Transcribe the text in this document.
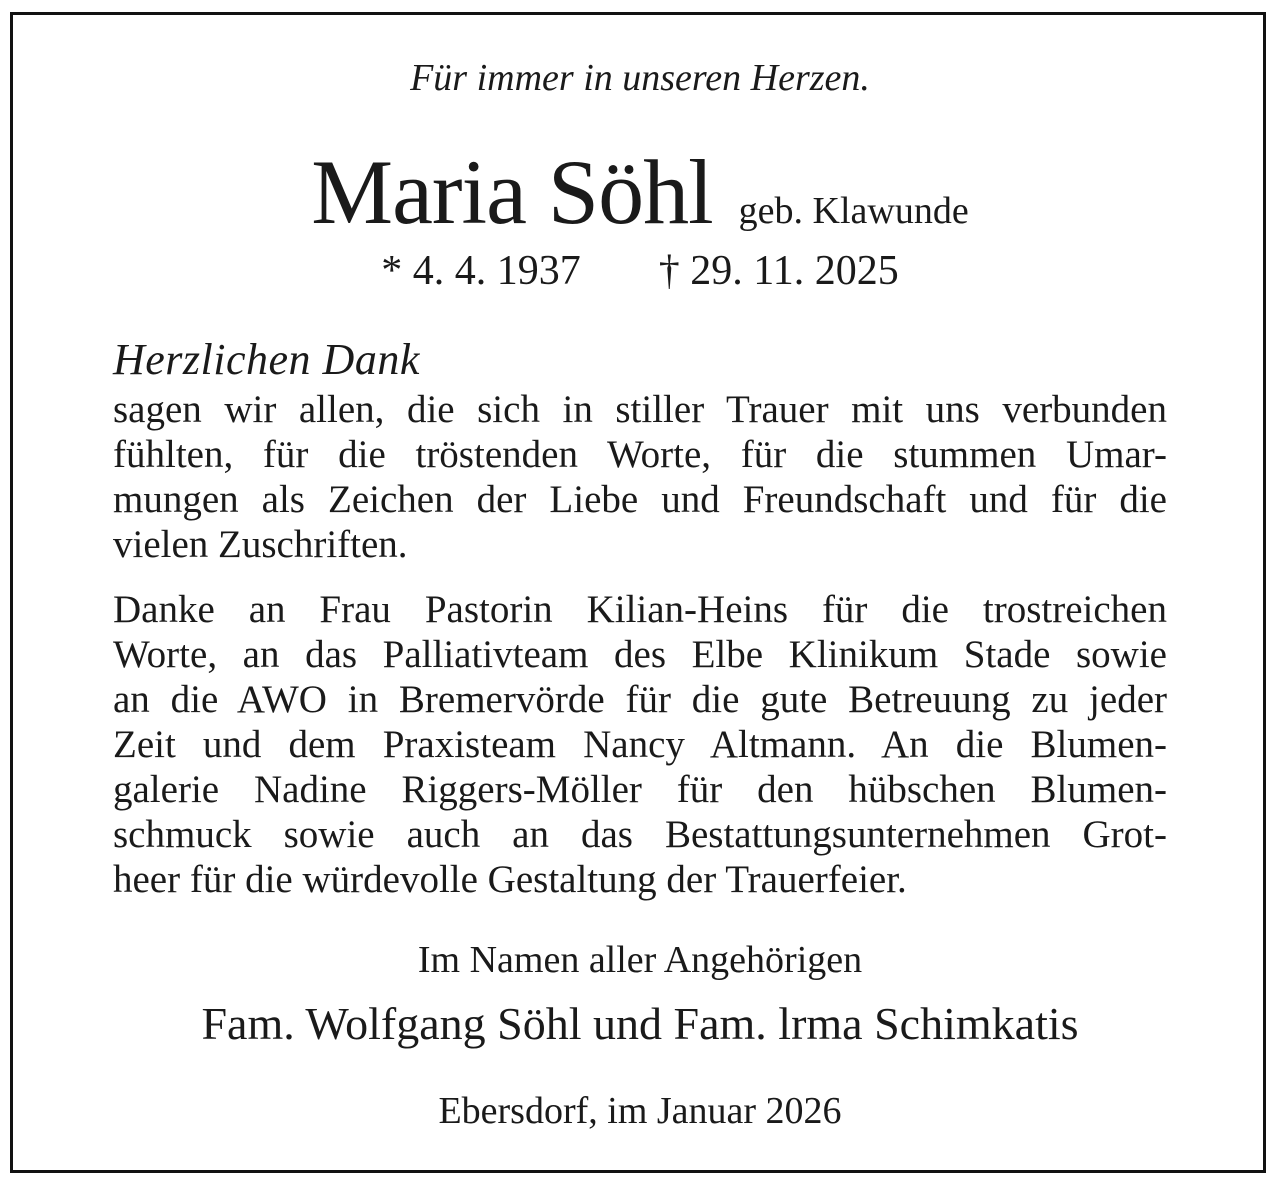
Für immer in unseren Herzen.
Maria Söhl geb. Klawunde
* 4. 4. 1937 † 29. 11. 2025
Herzlichen Dank
sagen wir allen, die sich in stiller Trauer mit uns verbunden
fühlten, für die tröstenden Worte, für die stummen Umar-
mungen als Zeichen der Liebe und Freundschaft und für die
vielen Zuschriften.
Danke an Frau Pastorin Kilian-Heins für die trostreichen
Worte, an das Palliativteam des Elbe Klinikum Stade sowie
an die AWO in Bremervörde für die gute Betreuung zu jeder
Zeit und dem Praxisteam Nancy Altmann. An die Blumen-
galerie Nadine Riggers-Möller für den hübschen Blumen-
schmuck sowie auch an das Bestattungsunternehmen Grot-
heer für die würdevolle Gestaltung der Trauerfeier.
Im Namen aller Angehörigen
Fam. Wolfgang Söhl und Fam. lrma Schimkatis
Ebersdorf, im Januar 2026
